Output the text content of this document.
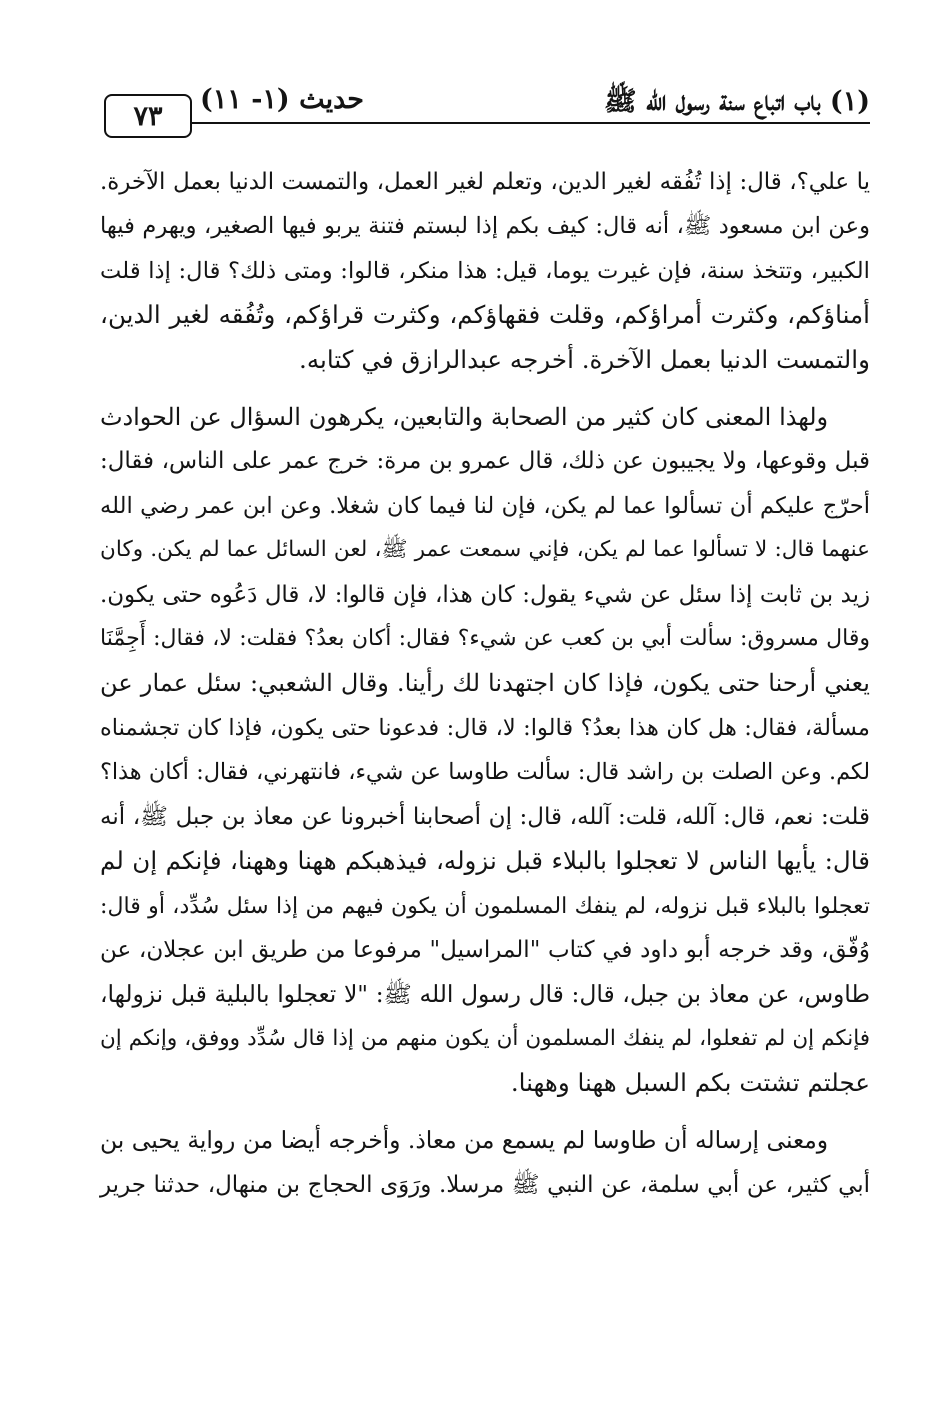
(١) باب اتباع سنة رسول الله ﷺ
حديث (١- ١١)
٧٣

يا علي؟، قال: إذا تُفُقه لغير الدين، وتعلم لغير العمل، والتمست الدنيا بعمل الآخرة.
وعن ابن مسعود ﷺ، أنه قال: كيف بكم إذا لبستم فتنة يربو فيها الصغير، ويهرم فيها
الكبير، وتتخذ سنة، فإن غيرت يوما، قيل: هذا منكر، قالوا: ومتى ذلك؟ قال: إذا قلت
أمناؤكم، وكثرت أمراؤكم، وقلت فقهاؤكم، وكثرت قراؤكم، وتُفُقه لغير الدين،
والتمست الدنيا بعمل الآخرة. أخرجه عبدالرازق في كتابه.

ولهذا المعنى كان كثير من الصحابة والتابعين، يكرهون السؤال عن الحوادث
قبل وقوعها، ولا يجيبون عن ذلك، قال عمرو بن مرة: خرج عمر على الناس، فقال:
أحرّج عليكم أن تسألوا عما لم يكن، فإن لنا فيما كان شغلا. وعن ابن عمر رضي الله
عنهما قال: لا تسألوا عما لم يكن، فإني سمعت عمر ﷺ، لعن السائل عما لم يكن. وكان
زيد بن ثابت إذا سئل عن شيء يقول: كان هذا، فإن قالوا: لا، قال دَعُوه حتى يكون.
وقال مسروق: سألت أبي بن كعب عن شيء؟ فقال: أكان بعدُ؟ فقلت: لا، فقال: أَجِمَّنَا
يعني أرحنا حتى يكون، فإذا كان اجتهدنا لك رأينا. وقال الشعبي: سئل عمار عن
مسألة، فقال: هل كان هذا بعدُ؟ قالوا: لا، قال: فدعونا حتى يكون، فإذا كان تجشمناه
لكم. وعن الصلت بن راشد قال: سألت طاوسا عن شيء، فانتهرني، فقال: أكان هذا؟
قلت: نعم، قال: آلله، قلت: آلله، قال: إن أصحابنا أخبرونا عن معاذ بن جبل ﷺ، أنه
قال: يأيها الناس لا تعجلوا بالبلاء قبل نزوله، فيذهبكم ههنا وههنا، فإنكم إن لم
تعجلوا بالبلاء قبل نزوله، لم ينفك المسلمون أن يكون فيهم من إذا سئل سُدِّد، أو قال:
وُفّق، وقد خرجه أبو داود في كتاب "المراسيل" مرفوعا من طريق ابن عجلان، عن
طاوس، عن معاذ بن جبل، قال: قال رسول الله ﷺ: "لا تعجلوا بالبلية قبل نزولها،
فإنكم إن لم تفعلوا، لم ينفك المسلمون أن يكون منهم من إذا قال سُدِّد ووفق، وإنكم إن
عجلتم تشتت بكم السبل ههنا وههنا.

ومعنى إرساله أن طاوسا لم يسمع من معاذ. وأخرجه أيضا من رواية يحيى بن
أبي كثير، عن أبي سلمة، عن النبي ﷺ مرسلا. ورَوَى الحجاج بن منهال، حدثنا جرير
